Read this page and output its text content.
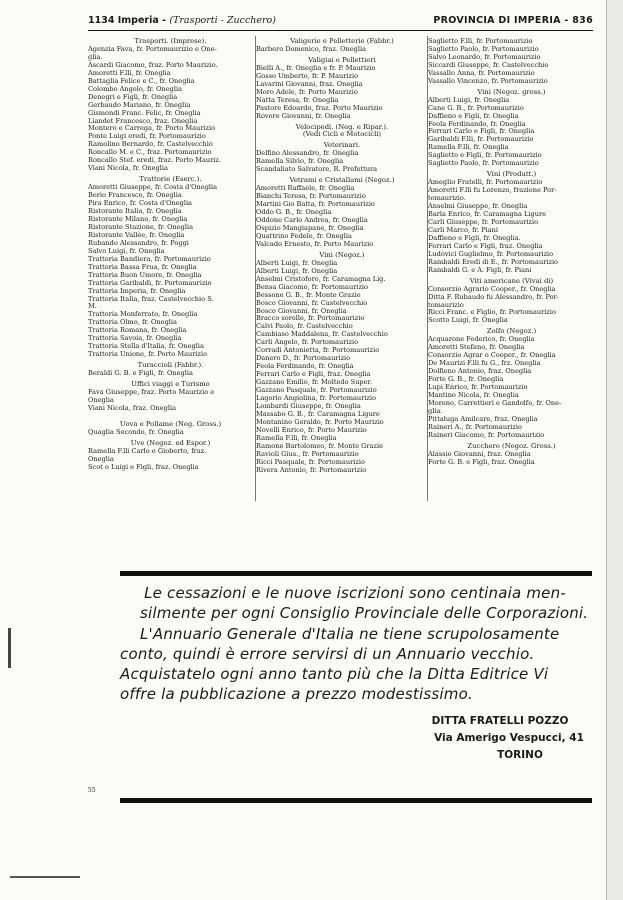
1134 Imperia - (Trasporti - Zucchero)	PROVINCIA DI IMPERIA - 836
Trasporti. (Imprese).
Agenzia Fava, fr. Portomaurizio e One-
glia.
Ascardi Giacomo, fraz. Porto Maurizio.
Amoretti F.lli, fr. Oneglia
Battaglia Felice e C., fr. Oneglia
Colombo Angelo, fr. Oneglia
Denegri e Figli, fr. Oneglia
Gerbaudo Mariano, fr. Oneglia
Gismondi Franc. Felic, fr. Oneglia
Liandet Francesco, fraz. Oneglia
Montero e Carrega, fr. Porto Maurizio
Ponte Luigi eredi, fr. Portomaurizio
Ramolino Bernardo, fr. Castelvecchio
Roncallo M. e C., fraz. Portomaurizio
Roncallo Stef. eredi, fraz. Porto Mauriz.
Viani Nicola, fr. Oneglia
Trattorie (Eserc.).
Amoretti Giuseppe, fr. Costa d'Oneglia
Berio Francesco, fr. Oneglia
Pira Enrico, fr. Costa d'Oneglia
Ristorante Italia, fr. Oneglia
Ristorante Milano, fr. Oneglia
Ristorante Stazione, fr. Oneglia
Ristorante Vallèe, fr. Oneglia
Rubando Alessandro, fr. Poggi
Salvo Luigi, fr. Oneglia
Trattoria Bandiera, fr. Portomaurizio
Trattoria Bassa Frua, fr. Oneglia
Trattoria Buon Umore, fr. Oneglia
Trattoria Garibaldi, fr. Portomaurizio
Trattoria Imperia, fr. Oneglia
Trattoria Italia, fraz. Castelvecchio S.
M.
Trattoria Monferrato, fr. Oneglia
Trattoria Olmo, fr. Oneglia
Trattoria Romana, fr. Oneglia
Trattoria Savoia, fr. Oneglia
Trattoria Stella d'Italia, fr. Oneglia
Trattoria Unione, fr. Porto Maurizio
Turaccioli (Fabbr.).
Beraldi G. B. e Figli, fr. Oneglia
Uffici viaggi e Turismo
Fava Giuseppe, fraz. Porto Maurizio e
Oneglia
Viani Nicola, fraz. Oneglia
Uova e Pollame (Neg. Gross.)
Quaglia Secondo, fr. Oneglia
Uve (Negoz. ed Espor.)
Ramella F.lli Carlo e Gioberto, fraz.
Oneglia
Scot o Luigi e Figli, fraz. Oneglia
Valigerie e Pelletterie (Fabbr.)
Barbero Domenico, fraz. Oneglia
Valigiai e Pellettieri
Bielli A., fr. Oneglia e fr. P. Maurizio
Gosso Umberto, fr. P. Maurizio
Lavarini Giovanni, fraz. Oneglia
Moro Adele, fr. Porto Maurizio
Natta Teresa, fr. Oneglia
Pastore Edoardo, fraz. Porto Maurizio
Rovere Giovanni, fr. Oneglia
Velocipedi. (Neg. e Ripar.).
(Vedi Cicli e Motocicli)
Veterinari.
Delfino Alessandro, fr. Oneglia
Ramella Silvio, fr. Oneglia
Scandaliato Salvatore, R. Prefettura
Vetrami e Cristallami (Negoz.)
Amoretti Raffaele, fr. Oneglia
Bianchi Teresa, fr. Portomaurizio
Martini Gio Batta, fr. Portomaurizio
Oddo G. B., fr. Oneglia
Oddone Carlo Andrea, fr. Oneglia
Ospizio Mangiapane, fr. Oneglia
Quattrino Fedele, fr. Oneglia
Valcado Ernesto, fr. Porto Maurizio
Vini (Negoz.)
Alberti Luigi, fr. Oneglia
Alberti Luigi, fr. Oneglia
Anselmi Cristoforo, fr. Caramagna Lig.
Bensa Giacomo, fr. Portomaurizio
Bessone G. B., fr. Monte Grazie
Bosco Giovanni, fr. Castelvecchio
Bosco Giovanni, fr. Oneglia
Bracco sorelle, fr. Portomaurizio
Calvi Paolo, fr. Castelvecchio
Cambiaso Maddalena, fr. Castelvecchio
Carli Angelo, fr. Portomaurizio
Corradi Antonietta, fr. Portomaurizio
Danero D., fr. Portomaurizio
Feola Ferdinando, fr. Oneglia
Ferrari Carlo e Figli, fraz. Oneglia
Gazzano Emilio, fr. Moltedo Super.
Gazzano Pasquale, fr. Portomaurizio
Lagorio Angiolina, fr. Portomaurizio
Lombardi Giuseppe, fr. Oneglia
Massabo G. B., fr. Caramagna Ligure
Montanino Geraldo, fr. Porto Maurizio
Novelli Enrico, fr. Porto Maurizio
Ramella F.lli, fr. Oneglia
Ramone Bartolomeo, fr. Monte Grazie
Ravioli Gius., fr. Portomaurizio
Ricci Pasquale, fr. Portomaurizio
Rivera Antonio, fr. Portomaurizio
Saglietto F.lli, fr. Portomaurizio
Saglietto Paolo, fr. Portomaurizio
Salvo Leonardo, fr. Portomaurizio
Siccardi Giuseppe, fr. Castelvecchio
Vassallo Anna, fr. Portomaurizio
Vassallo Vincenzo, fr. Portomaurizio
Vini (Negoz. gross.)
Alberti Luigi, fr. Oneglia
Cane G. B., fr. Portomaurizio
Daffieno e Figli, fr. Oneglia
Feola Ferdinando, fr. Oneglia
Ferrari Carlo e Figli, fr. Oneglia
Garibaldi F.lli, fr. Portomaurizio
Ramella F.lli, fr. Oneglia
Saglietto e Figli, fr. Portomaurizio
Saglietto Paolo, fr. Portomaurizio
Vini (Produtt.)
Ameglio Fratelli, fr. Portomaurizio
Amoretti F.lli fu Lorenzo, frazione Por-
tomaurizio.
Anselmi Giuseppe, fr. Oneglia
Barla Enrico, fr. Caramagna Ligure
Carli Giuseppe, fr. Portomaurizio
Carli Marco, fr. Piani
Daffieno e Figli, fr. Oneglia.
Ferrari Carlo e Figli, fraz. Oneglia
Ludovici Guglielmo, fr. Portomaurizio
Rambaldi Eredi di E., fr. Portomaurizio
Rambaldi G. e A. Figli, fr. Piani
Viti americane (Vivai di)
Consorzio Agrario Cooper., fr. Oneglia
Ditta F. Rubaudo fu Alessandro, fr. Por-
tomaurizio
Ricci Franc. e Figlio, fr. Portomaurizio
Scotto Luigi, fr. Oneglia
Zolfo (Negoz.)
Acquarone Federico, fr. Oneglia
Amoretti Stefano, fr. Oneglia
Consorzio Agrar o Cooper., fr. Oneglia
De Maurizi F.lli fu G., frz. Oneglia
Dolfieno Antonio, fraz. Oneglia
Forte G. B., fr. Oneglia
Lupi Enrico, fr. Portomaurizio
Mantino Nicola, fr. Oneglia
Moreno, Carrettieri e Gandolfo, fr. One-
glia.
Pittaluga Amilcare, fraz. Oneglia
Raineri A., fr. Portomaurizio
Raineri Giacomo, fr. Portomaurizio
Zucchero (Negoz. Gross.)
Alassio Giovanni, fraz. Oneglia
Forte G. B. e Figli, fraz. Oneglia
Le cessazioni e le nuove iscrizioni sono centinaia men-
silmente per ogni Consiglio Provinciale delle Corporazioni.
L'Annuario Generale d'Italia ne tiene scrupolosamente
conto, quindi è errore servirsi di un Annuario vecchio.
Acquistatelo ogni anno tanto più che la Ditta Editrice Vi
offre la pubblicazione a prezzo modestissimo.
DITTA FRATELLI POZZO
Via Amerigo Vespucci, 41
TORINO
55
